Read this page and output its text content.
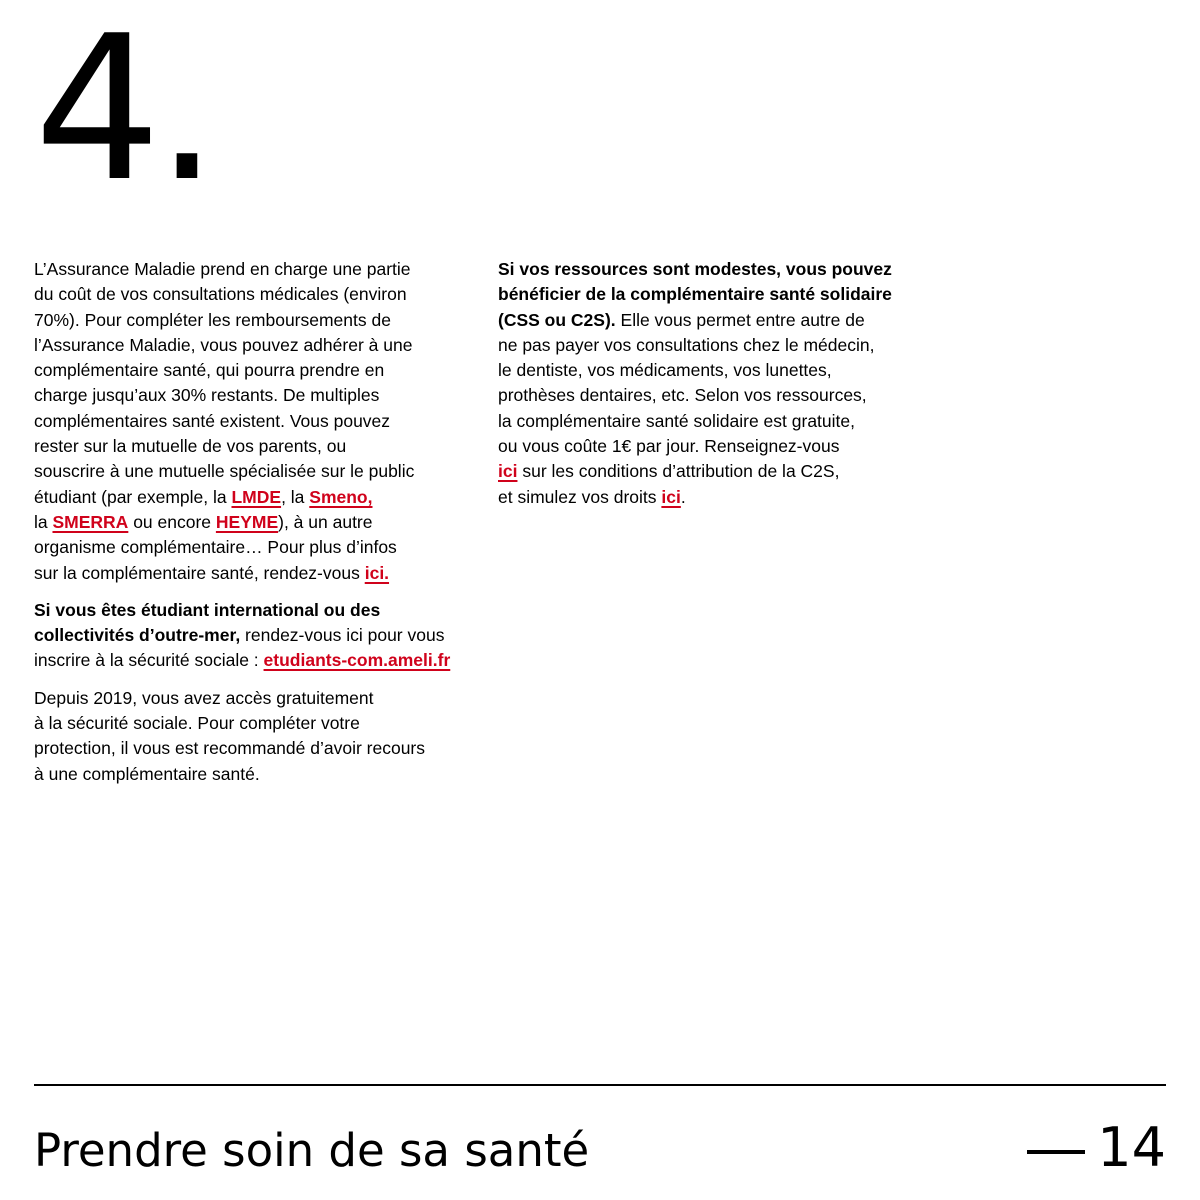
4.

L’Assurance Maladie prend en charge une partie
du coût de vos consultations médicales (environ
70%). Pour compléter les remboursements de
l’Assurance Maladie, vous pouvez adhérer à une
complémentaire santé, qui pourra prendre en
charge jusqu’aux 30% restants. De multiples
complémentaires santé existent. Vous pouvez
rester sur la mutuelle de vos parents, ou
souscrire à une mutuelle spécialisée sur le public
étudiant (par exemple, la LMDE, la Smeno,
la SMERRA ou encore HEYME), à un autre
organisme complémentaire… Pour plus d’infos
sur la complémentaire santé, rendez-vous ici.

Si vous êtes étudiant international ou des
collectivités d’outre-mer, rendez-vous ici pour vous
inscrire à la sécurité sociale : etudiants-com.ameli.fr

Depuis 2019, vous avez accès gratuitement
à la sécurité sociale. Pour compléter votre
protection, il vous est recommandé d’avoir recours
à une complémentaire santé.

Si vos ressources sont modestes, vous pouvez
bénéficier de la complémentaire santé solidaire
(CSS ou C2S). Elle vous permet entre autre de
ne pas payer vos consultations chez le médecin,
le dentiste, vos médicaments, vos lunettes,
prothèses dentaires, etc. Selon vos ressources,
la complémentaire santé solidaire est gratuite,
ou vous coûte 1€ par jour. Renseignez-vous
ici sur les conditions d’attribution de la C2S,
et simulez vos droits ici.

Prendre soin de sa santé	14
